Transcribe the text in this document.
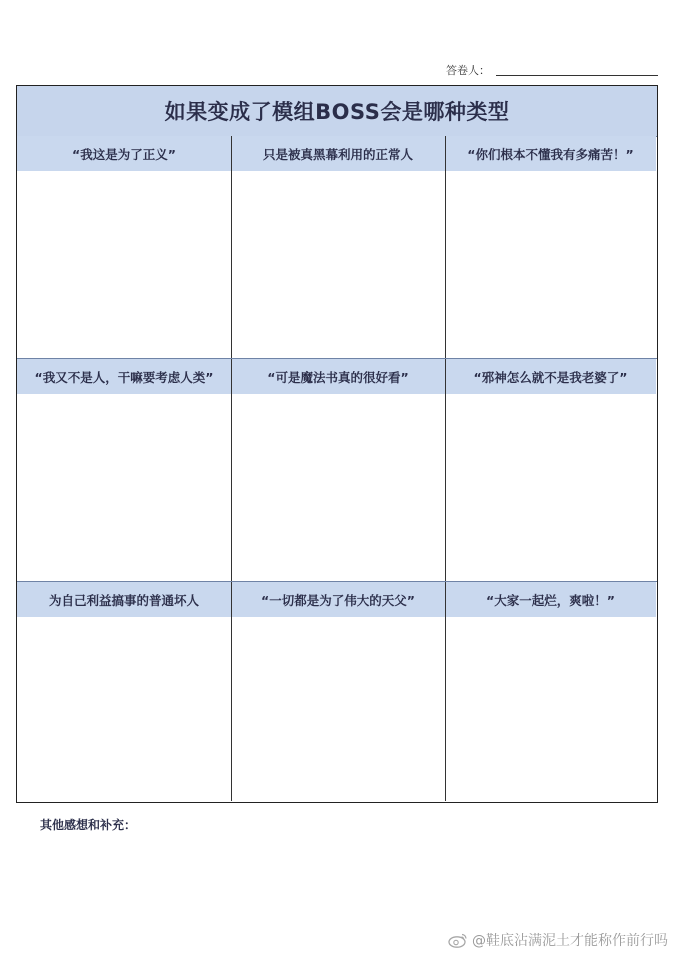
答卷人：
如果变成了模组BOSS会是哪种类型
“我这是为了正义”	只是被真黑幕利用的正常人	“你们根本不懂我有多痛苦！”
“我又不是人，干嘛要考虑人类”	“可是魔法书真的很好看”	“邪神怎么就不是我老婆了”
为自己利益搞事的普通坏人	“一切都是为了伟大的天父”	“大家一起烂，爽啦！”
其他感想和补充：
@鞋底沾满泥土才能称作前行吗
